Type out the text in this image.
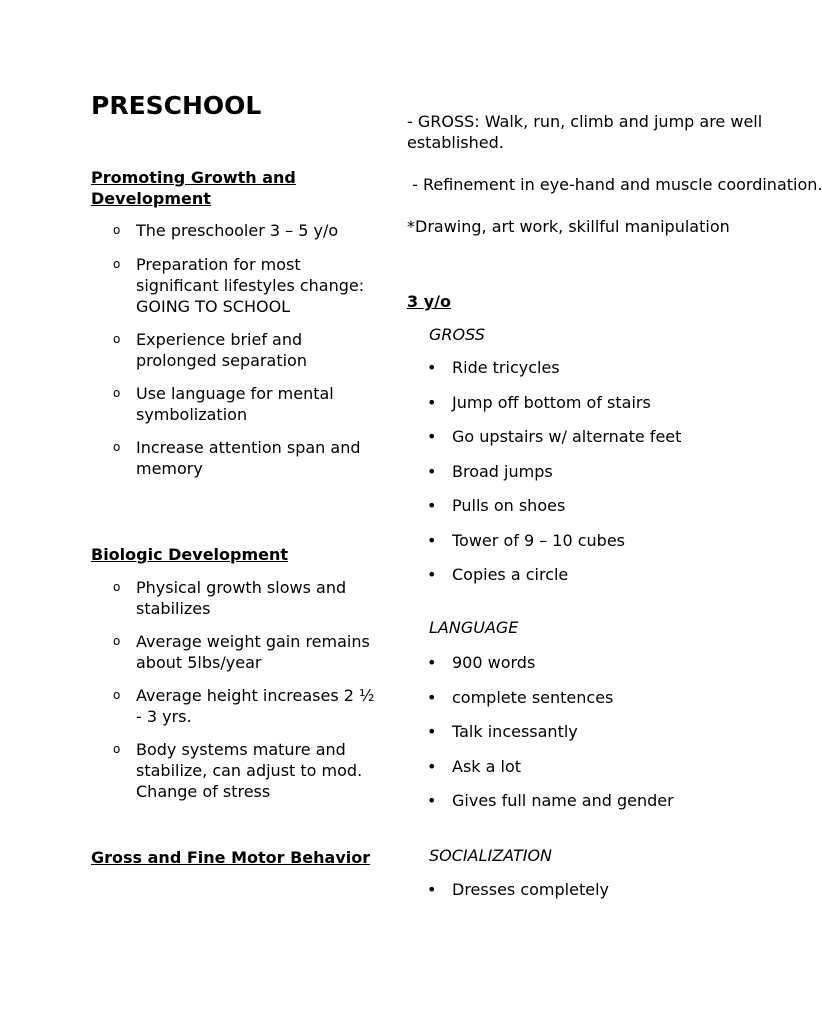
PRESCHOOL
Promoting Growth and Development
o The preschooler 3 – 5 y/o
o Preparation for most significant lifestyles change: GOING TO SCHOOL
o Experience brief and prolonged separation
o Use language for mental symbolization
o Increase attention span and memory
Biologic Development
o Physical growth slows and stabilizes
o Average weight gain remains about 5lbs/year
o Average height increases 2 ½ - 3 yrs.
o Body systems mature and stabilize, can adjust to mod. Change of stress
Gross and Fine Motor Behavior

- GROSS: Walk, run, climb and jump are well established.

- Refinement in eye-hand and muscle coordination.

*Drawing, art work, skillful manipulation

3 y/o

GROSS

• Ride tricycles
• Jump off bottom of stairs
• Go upstairs w/ alternate feet
• Broad jumps
• Pulls on shoes
• Tower of 9 – 10 cubes
• Copies a circle

LANGUAGE

• 900 words
• complete sentences
• Talk incessantly
• Ask a lot
• Gives full name and gender

SOCIALIZATION

• Dresses completely
